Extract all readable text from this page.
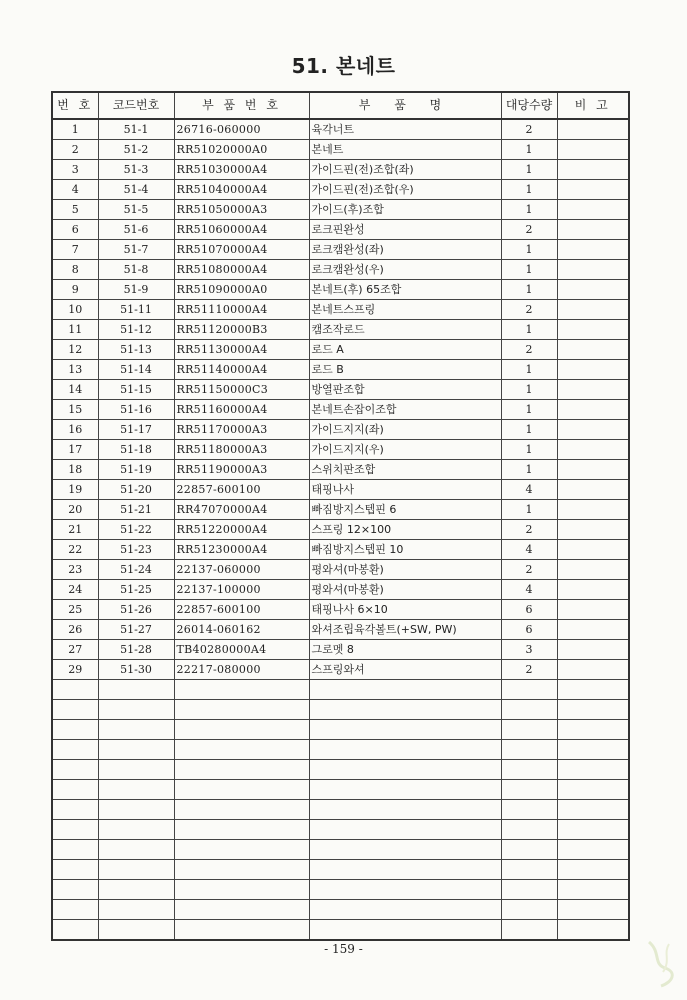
51. 본네트
번 호	코드번호	부 품 번 호	부 품 명	대당수량	비 고
1	51-1	26716-060000	육각너트	2	
2	51-2	RR51020000A0	본네트	1	
3	51-3	RR51030000A4	가이드핀(전)조합(좌)	1	
4	51-4	RR51040000A4	가이드핀(전)조합(우)	1	
5	51-5	RR51050000A3	가이드(후)조합	1	
6	51-6	RR51060000A4	로크핀완성	2	
7	51-7	RR51070000A4	로크캠완성(좌)	1	
8	51-8	RR51080000A4	로크캠완성(우)	1	
9	51-9	RR51090000A0	본네트(후) 65조합	1	
10	51-11	RR51110000A4	본네트스프링	2	
11	51-12	RR51120000B3	캠조작로드	1	
12	51-13	RR51130000A4	로드 A	2	
13	51-14	RR51140000A4	로드 B	1	
14	51-15	RR51150000C3	방열판조합	1	
15	51-16	RR51160000A4	본네트손잡이조합	1	
16	51-17	RR51170000A3	가이드지지(좌)	1	
17	51-18	RR51180000A3	가이드지지(우)	1	
18	51-19	RR51190000A3	스위치판조합	1	
19	51-20	22857-600100	태핑나사	4	
20	51-21	RR47070000A4	빠짐방지스텝핀 6	1	
21	51-22	RR51220000A4	스프링 12×100	2	
22	51-23	RR51230000A4	빠짐방지스텝핀 10	4	
23	51-24	22137-060000	평와셔(마봉환)	2	
24	51-25	22137-100000	평와셔(마봉환)	4	
25	51-26	22857-600100	태핑나사 6×10	6	
26	51-27	26014-060162	와셔조립육각볼트(+SW, PW)	6	
27	51-28	TB40280000A4	그로멧 8	3	
29	51-30	22217-080000	스프링와셔	2	

- 159 -
